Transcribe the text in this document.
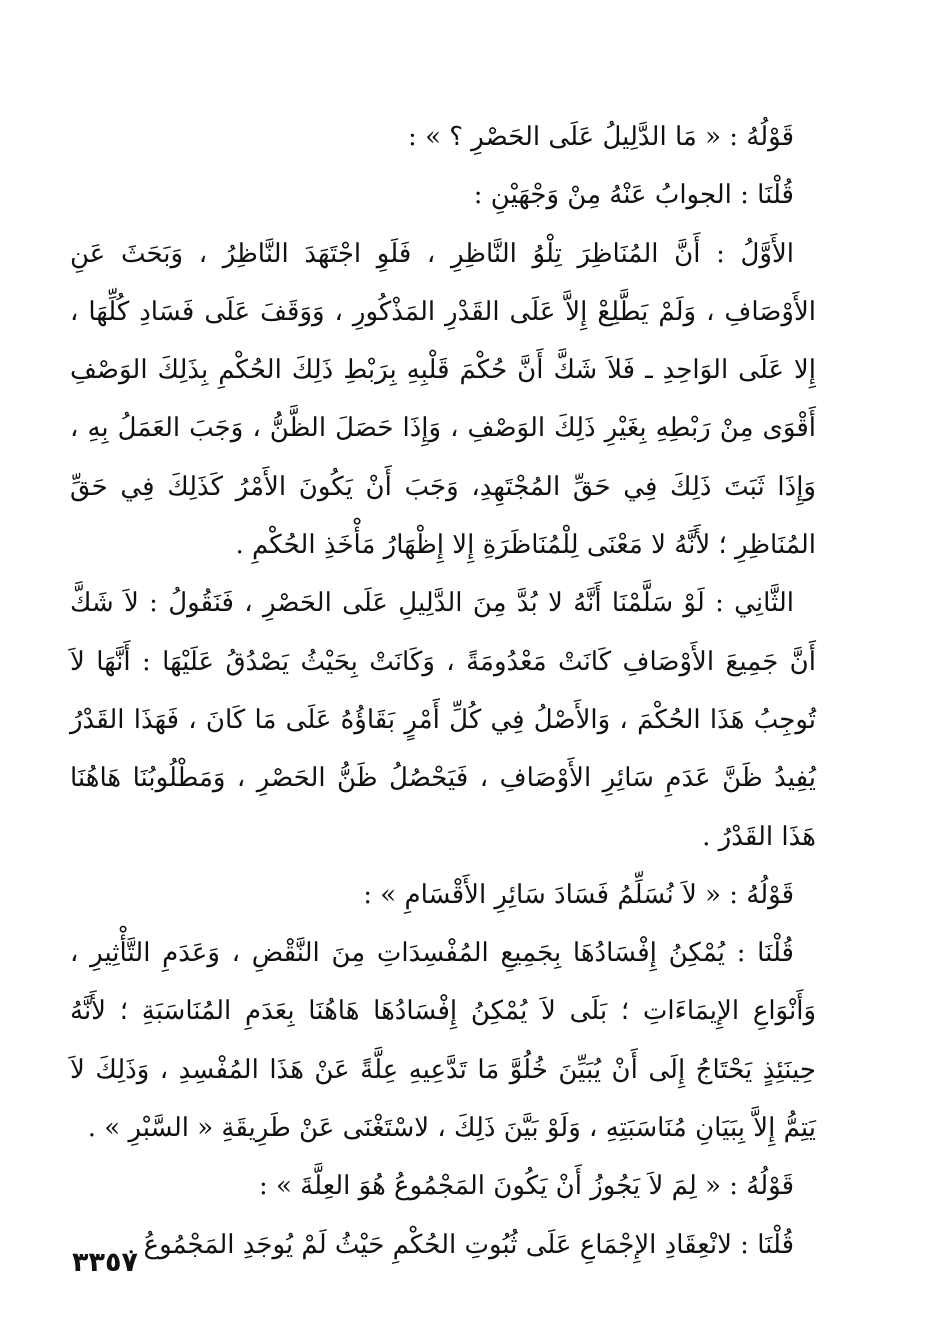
قَوْلُهُ : « مَا الدَّلِيلُ عَلَى الحَصْرِ ؟ » :

قُلْنَا : الجوابُ عَنْهُ مِنْ وَجْهَيْنِ :

الأَوَّلُ : أَنَّ المُنَاظِرَ تِلْوُ النَّاظِرِ ، فَلَوِ اجْتَهَدَ النَّاظِرُ ، وَبَحَثَ عَنِ الأَوْصَافِ ، وَلَمْ يَطَّلِعْ إِلاَّ عَلَى القَدْرِ المَذْكُورِ ، وَوَقَفَ عَلَى فَسَادِ كُلِّهَا ، إِلا عَلَى الوَاحِدِ ـ فَلاَ شَكَّ أَنَّ حُكْمَ قَلْبِهِ بِرَبْطِ ذَلِكَ الحُكْمِ بِذَلِكَ الوَصْفِ أَقْوَى مِنْ رَبْطِهِ بِغَيْرِ ذَلِكَ الوَصْفِ ، وَإِذَا حَصَلَ الظَّنُّ ، وَجَبَ العَمَلُ بِهِ ، وَإِذَا ثَبَتَ ذَلِكَ فِي حَقِّ المُجْتَهِدِ، وَجَبَ أَنْ يَكُونَ الأَمْرُ كَذَلِكَ فِي حَقِّ المُنَاظِرِ ؛ لأَنَّهُ لا مَعْنَى لِلْمُنَاظَرَةِ إِلا إِظْهَارُ مَأْخَذِ الحُكْمِ .

الثَّانِي : لَوْ سَلَّمْنَا أَنَّهُ لا بُدَّ مِنَ الدَّلِيلِ عَلَى الحَصْرِ ، فَنَقُولُ : لاَ شَكَّ أَنَّ جَمِيعَ الأَوْصَافِ كَانَتْ مَعْدُومَةً ، وَكَانَتْ بِحَيْثُ يَصْدُقُ عَلَيْهَا : أَنَّهَا لاَ تُوجِبُ هَذَا الحُكْمَ ، وَالأَصْلُ فِي كُلِّ أَمْرٍ بَقَاؤُهُ عَلَى مَا كَانَ ، فَهَذَا القَدْرُ يُفِيدُ ظَنَّ عَدَمِ سَائِرِ الأَوْصَافِ ، فَيَحْصُلُ ظَنُّ الحَصْرِ ، وَمَطْلُوبُنَا هَاهُنَا هَذَا القَدْرُ .

قَوْلُهُ : « لاَ نُسَلِّمُ فَسَادَ سَائِرِ الأَقْسَامِ » :

قُلْنَا : يُمْكِنُ إِفْسَادُهَا بِجَمِيعِ المُفْسِدَاتِ مِنَ النَّقْضِ ، وَعَدَمِ التَّأْثِيرِ ، وَأَنْوَاعِ الإِيمَاءَاتِ ؛ بَلَى لاَ يُمْكِنُ إِفْسَادُهَا هَاهُنَا بِعَدَمِ المُنَاسَبَةِ ؛ لأَنَّهُ حِينَئِذٍ يَحْتَاجُ إِلَى أَنْ يُبَيِّنَ خُلُوَّ مَا تَدَّعِيهِ عِلَّةً عَنْ هَذَا المُفْسِدِ ، وَذَلِكَ لاَ يَتِمُّ إِلاَّ بِبَيَانِ مُنَاسَبَتِهِ ، وَلَوْ بَيَّنَ ذَلِكَ ، لاسْتَغْنَى عَنْ طَرِيقَةِ « السَّبْرِ » .

قَوْلُهُ : « لِمَ لاَ يَجُوزُ أَنْ يَكُونَ المَجْمُوعُ هُوَ العِلَّةَ » :

قُلْنَا : لانْعِقَادِ الإِجْمَاعِ عَلَى ثُبُوتِ الحُكْمِ حَيْثُ لَمْ يُوجَدِ المَجْمُوعُ .

٣٣٥٧
